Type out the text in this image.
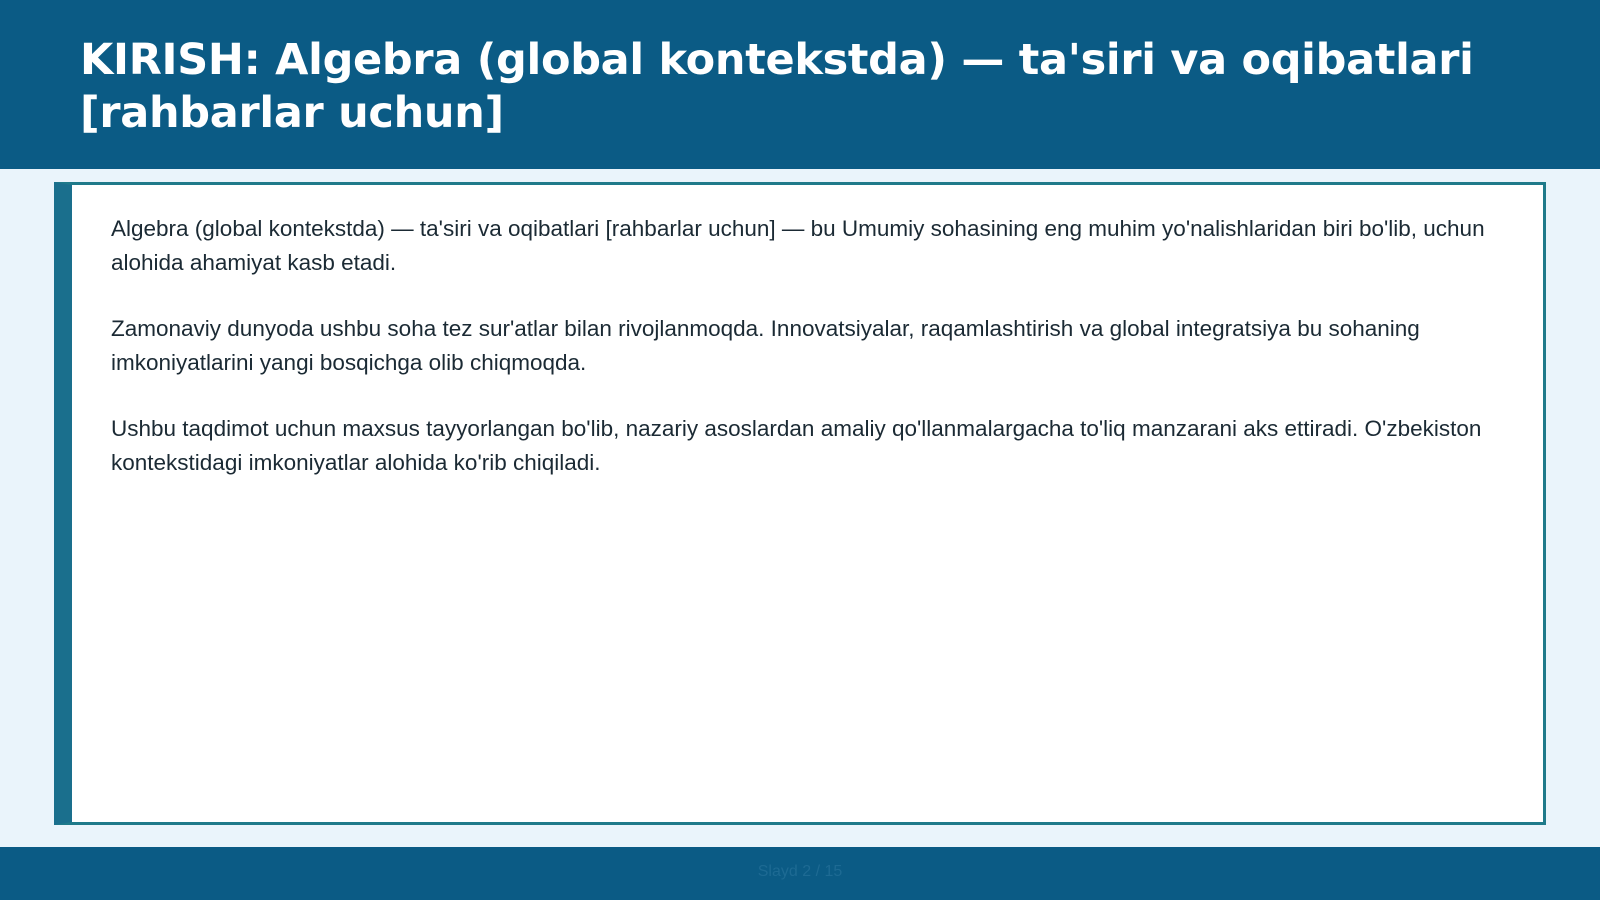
KIRISH: Algebra (global kontekstda) — ta'siri va oqibatlari [rahbarlar uchun]

Algebra (global kontekstda) — ta'siri va oqibatlari [rahbarlar uchun] — bu Umumiy sohasining eng muhim yo'nalishlaridan biri bo'lib, uchun alohida ahamiyat kasb etadi.

Zamonaviy dunyoda ushbu soha tez sur'atlar bilan rivojlanmoqda. Innovatsiyalar, raqamlashtirish va global integratsiya bu sohaning imkoniyatlarini yangi bosqichga olib chiqmoqda.

Ushbu taqdimot uchun maxsus tayyorlangan bo'lib, nazariy asoslardan amaliy qo'llanmalargacha to'liq manzarani aks ettiradi. O'zbekiston kontekstidagi imkoniyatlar alohida ko'rib chiqiladi.

Slayd 2 / 15
